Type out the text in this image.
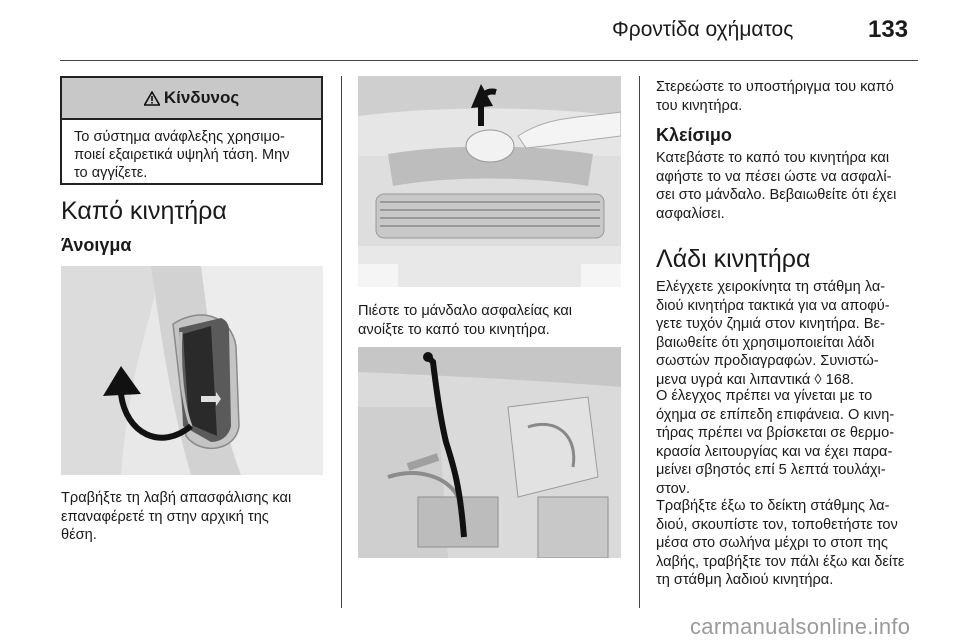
Φροντίδα οχήματος	133
Κίνδυνος
Το σύστημα ανάφλεξης χρησιμο-
ποιεί εξαιρετικά υψηλή τάση. Μην
το αγγίζετε.
Καπό κινητήρα
Άνοιγμα
Τραβήξτε τη λαβή απασφάλισης και
επαναφέρετέ τη στην αρχική της
θέση.
Πιέστε το μάνδαλο ασφαλείας και
ανοίξτε το καπό του κινητήρα.
Στερεώστε το υποστήριγμα του καπό
του κινητήρα.
Κλείσιμο
Κατεβάστε το καπό του κινητήρα και
αφήστε το να πέσει ώστε να ασφαλί-
σει στο μάνδαλο. Βεβαιωθείτε ότι έχει
ασφαλίσει.
Λάδι κινητήρα
Ελέγχετε χειροκίνητα τη στάθμη λα-
διού κινητήρα τακτικά για να αποφύ-
γετε τυχόν ζημιά στον κινητήρα. Βε-
βαιωθείτε ότι χρησιμοποιείται λάδι
σωστών προδιαγραφών. Συνιστώ-
μενα υγρά και λιπαντικά ◊ 168.
Ο έλεγχος πρέπει να γίνεται με το
όχημα σε επίπεδη επιφάνεια. Ο κινη-
τήρας πρέπει να βρίσκεται σε θερμο-
κρασία λειτουργίας και να έχει παρα-
μείνει σβηστός επί 5 λεπτά τουλάχι-
στον.
Τραβήξτε έξω το δείκτη στάθμης λα-
διού, σκουπίστε τον, τοποθετήστε τον
μέσα στο σωλήνα μέχρι το στοπ της
λαβής, τραβήξτε τον πάλι έξω και δείτε
τη στάθμη λαδιού κινητήρα.
carmanualsonline.info
